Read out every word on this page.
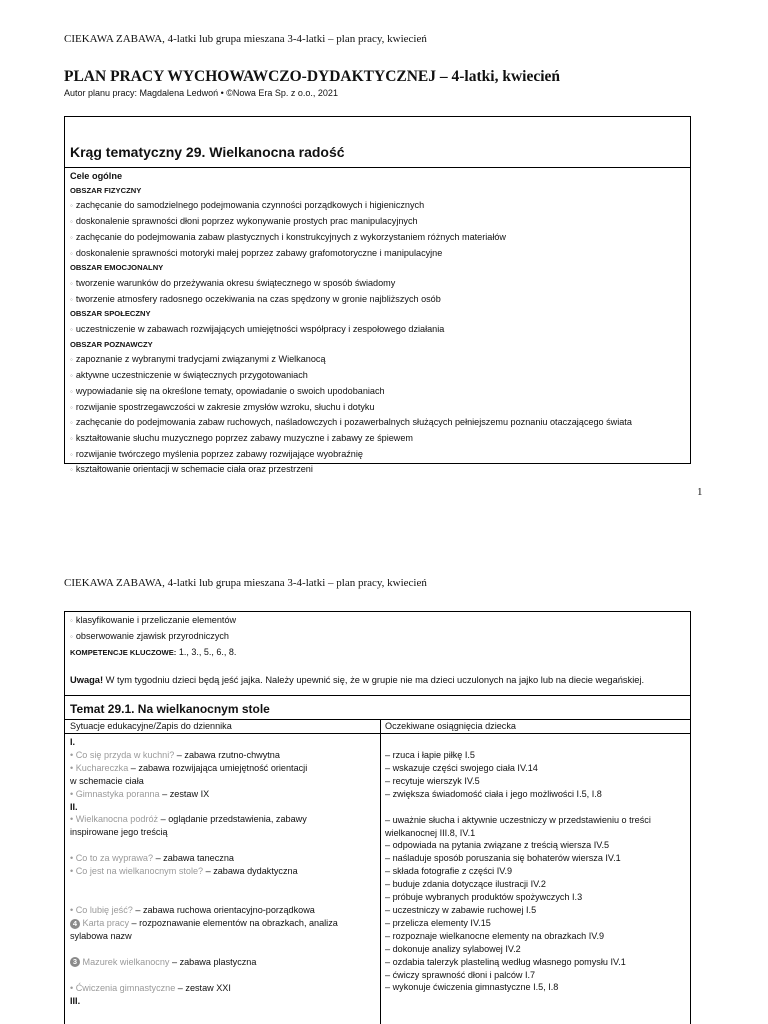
CIEKAWA ZABAWA, 4-latki lub grupa mieszana 3-4-latki – plan pracy, kwiecień
PLAN PRACY WYCHOWAWCZO-DYDAKTYCZNEJ – 4-latki, kwiecień
Autor planu pracy: Magdalena Ledwoń • ©Nowa Era Sp. z o.o., 2021
Krąg tematyczny 29. Wielkanocna radość
Cele ogólne
OBSZAR FIZYCZNY
◦ zachęcanie do samodzielnego podejmowania czynności porządkowych i higienicznych
◦ doskonalenie sprawności dłoni poprzez wykonywanie prostych prac manipulacyjnych
◦ zachęcanie do podejmowania zabaw plastycznych i konstrukcyjnych z wykorzystaniem różnych materiałów
◦ doskonalenie sprawności motoryki małej poprzez zabawy grafomotoryczne i manipulacyjne
OBSZAR EMOCJONALNY
◦ tworzenie warunków do przeżywania okresu świątecznego w sposób świadomy
◦ tworzenie atmosfery radosnego oczekiwania na czas spędzony w gronie najbliższych osób
OBSZAR SPOŁECZNY
◦ uczestniczenie w zabawach rozwijających umiejętności współpracy i zespołowego działania
OBSZAR POZNAWCZY
◦ zapoznanie z wybranymi tradycjami związanymi z Wielkanocą
◦ aktywne uczestniczenie w świątecznych przygotowaniach
◦ wypowiadanie się na określone tematy, opowiadanie o swoich upodobaniach
◦ rozwijanie spostrzegawczości w zakresie zmysłów wzroku, słuchu i dotyku
◦ zachęcanie do podejmowania zabaw ruchowych, naśladowczych i pozawerbalnych służących pełniejszemu poznaniu otaczającego świata
◦ kształtowanie słuchu muzycznego poprzez zabawy muzyczne i zabawy ze śpiewem
◦ rozwijanie twórczego myślenia poprzez zabawy rozwijające wyobraźnię
◦ kształtowanie orientacji w schemacie ciała oraz przestrzeni
1
CIEKAWA ZABAWA, 4-latki lub grupa mieszana 3-4-latki – plan pracy, kwiecień
◦ klasyfikowanie i przeliczanie elementów
◦ obserwowanie zjawisk przyrodniczych
KOMPETENCJE KLUCZOWE: 1., 3., 5., 6., 8.
Uwaga! W tym tygodniu dzieci będą jeść jajka. Należy upewnić się, że w grupie nie ma dzieci uczulonych na jajko lub na diecie wegańskiej.
Temat 29.1. Na wielkanocnym stole
Sytuacje edukacyjne/Zapis do dziennika	Oczekiwane osiągnięcia dziecka
I.
• Co się przyda w kuchni? – zabawa rzutno-chwytna
• Kuchareczka – zabawa rozwijająca umiejętność orientacji
w schemacie ciała
• Gimnastyka poranna – zestaw IX
II.
• Wielkanocna podróż – oglądanie przedstawienia, zabawy
inspirowane jego treścią
• Co to za wyprawa? – zabawa taneczna
• Co jest na wielkanocnym stole? – zabawa dydaktyczna
• Co lubię jeść? – zabawa ruchowa orientacyjno-porządkowa
4 Karta pracy – rozpoznawanie elementów na obrazkach, analiza
sylabowa nazw
3 Mazurek wielkanocny – zabawa plastyczna
• Ćwiczenia gimnastyczne – zestaw XXI
III.
– rzuca i łapie piłkę I.5
– wskazuje części swojego ciała IV.14
– recytuje wierszyk IV.5
– zwiększa świadomość ciała i jego możliwości I.5, I.8
– uważnie słucha i aktywnie uczestniczy w przedstawieniu o treści
wielkanocnej III.8, IV.1
– odpowiada na pytania związane z treścią wiersza IV.5
– naśladuje sposób poruszania się bohaterów wiersza IV.1
– składa fotografie z części IV.9
– buduje zdania dotyczące ilustracji IV.2
– próbuje wybranych produktów spożywczych I.3
– uczestniczy w zabawie ruchowej I.5
– przelicza elementy IV.15
– rozpoznaje wielkanocne elementy na obrazkach IV.9
– dokonuje analizy sylabowej IV.2
– ozdabia talerzyk plasteliną według własnego pomysłu IV.1
– ćwiczy sprawność dłoni i palców I.7
– wykonuje ćwiczenia gimnastyczne I.5, I.8
